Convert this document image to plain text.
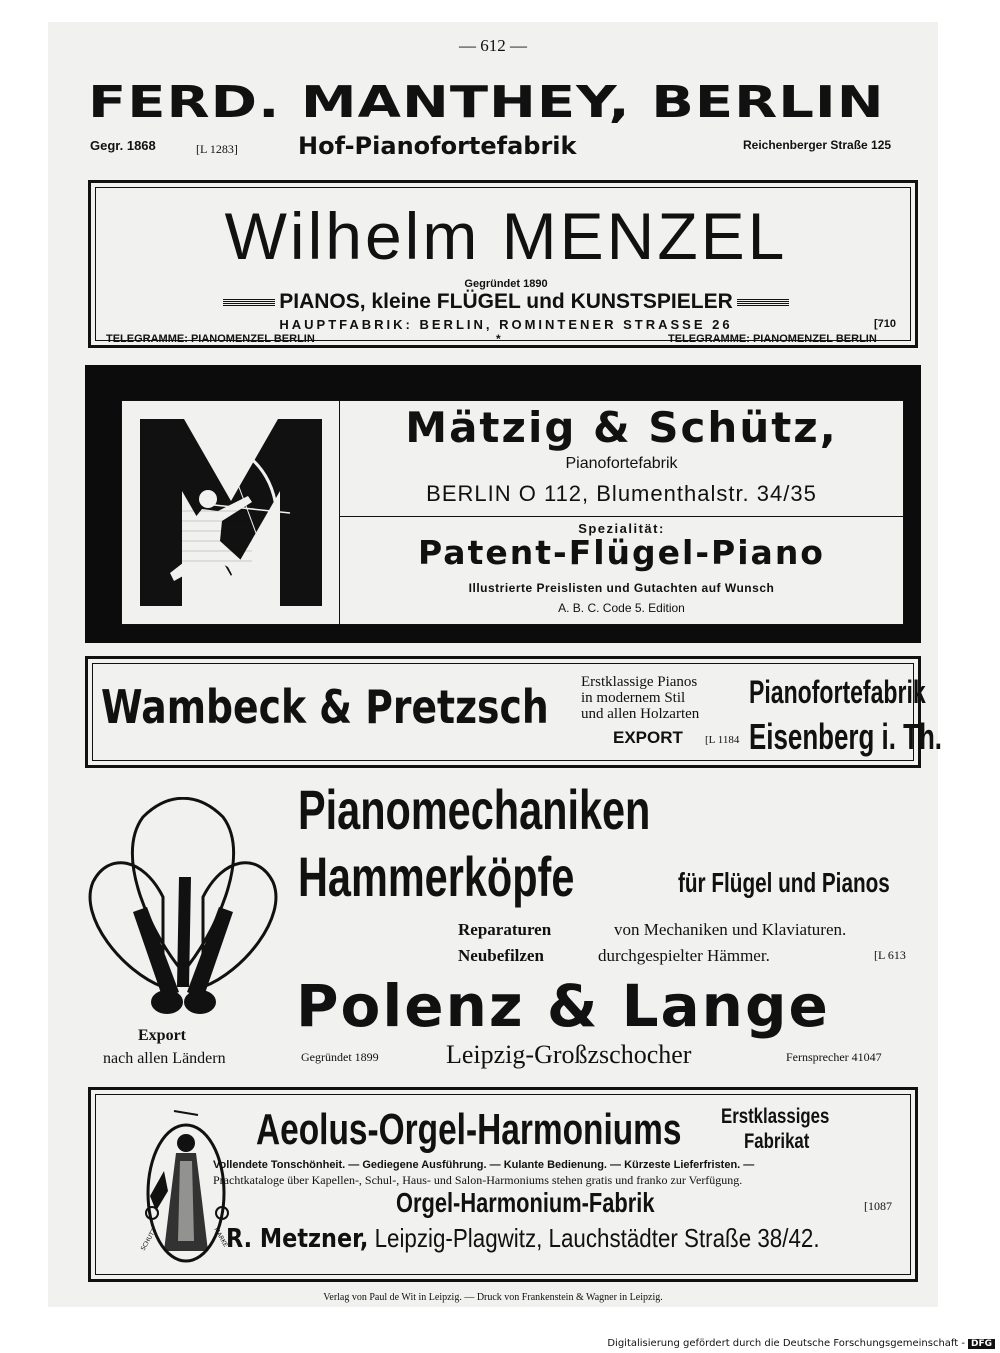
— 612 —
FERD. MANTHEY, BERLIN
Gegr. 1868	[L 1283]	Hof-Pianofortefabrik	Reichenberger Straße 125
Wilhelm MENZEL
Gegründet 1890
PIANOS, kleine FLÜGEL und KUNSTSPIELER
HAUPTFABRIK: BERLIN, ROMINTENER STRASSE 26	[710
TELEGRAMME: PIANOMENZEL BERLIN	*	TELEGRAMME: PIANOMENZEL BERLIN
Mätzig & Schütz,
Pianofortefabrik
BERLIN O 112, Blumenthalstr. 34/35
Spezialität:
Patent-Flügel-Piano
Illustrierte Preislisten und Gutachten auf Wunsch
A. B. C. Code 5. Edition
Wambeck & Pretzsch Erstklassige Pianos
in modernem Stil
und allen Holzarten
EXPORT [L 1184
Pianofortefabrik
Eisenberg i. Th.
Export
nach allen Ländern
Pianomechaniken
Hammerköpfe	für Flügel und Pianos
Reparaturen	von Mechaniken und Klaviaturen.
Neubefilzen	durchgespielter Hämmer.	[L 613
Polenz & Lange
Gegründet 1899	Leipzig-Großzschocher	Fernsprecher 41047
SCHUTZ	MARKE
Aeolus-Orgel-Harmoniums Erstklassiges
Fabrikat
Vollendete Tonschönheit. — Gediegene Ausführung. — Kulante Bedienung. — Kürzeste Lieferfristen. —
Prachtkataloge über Kapellen-, Schul-, Haus- und Salon-Harmoniums stehen gratis und franko zur Verfügung.
Orgel-Harmonium-Fabrik	[1087
R. Metzner, Leipzig-Plagwitz, Lauchstädter Straße 38/42.
Verlag von Paul de Wit in Leipzig. — Druck von Frankenstein & Wagner in Leipzig.
Digitalisierung gefördert durch die Deutsche Forschungsgemeinschaft - DFG
